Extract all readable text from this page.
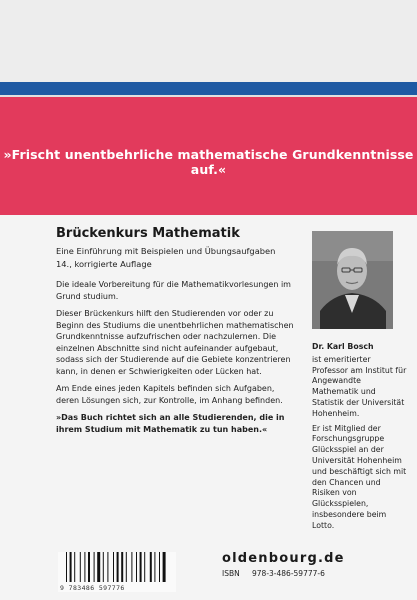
»Frischt unentbehrliche mathematische Grundkenntnisse auf.«
Brückenkurs Mathematik

Eine Einführung mit Beispielen und Übungsaufgaben

14., korrigierte Auflage

Die ideale Vorbereitung für die Mathematikvorlesungen im Grund studium.

Dieser Brückenkurs hilft den Studierenden vor oder zu Beginn des Studiums die unentbehrlichen mathematischen Grundkenntnisse aufzufrischen oder nachzulernen. Die einzelnen Abschnitte sind nicht aufeinander aufgebaut, sodass sich der Studierende auf die Gebiete konzentrieren kann, in denen er Schwierigkeiten oder Lücken hat.

Am Ende eines jeden Kapitels befinden sich Aufgaben, deren Lösungen sich, zur Kontrolle, im Anhang befinden.

»Das Buch richtet sich an alle Studierenden, die in ihrem Studium mit Mathematik zu tun haben.«

Dr. Karl Bosch

ist emeritierter Professor am Institut für Angewandte Mathematik und Statistik der Universität Hohenheim.

Er ist Mitglied der Forschungsgruppe Glücksspiel an der Universität Hohenheim und beschäftigt sich mit den Chancen und Risiken von Glücksspielen, insbesondere beim Lotto.

9 783486 597776
oldenbourg.de
ISBN 978-3-486-59777-6
